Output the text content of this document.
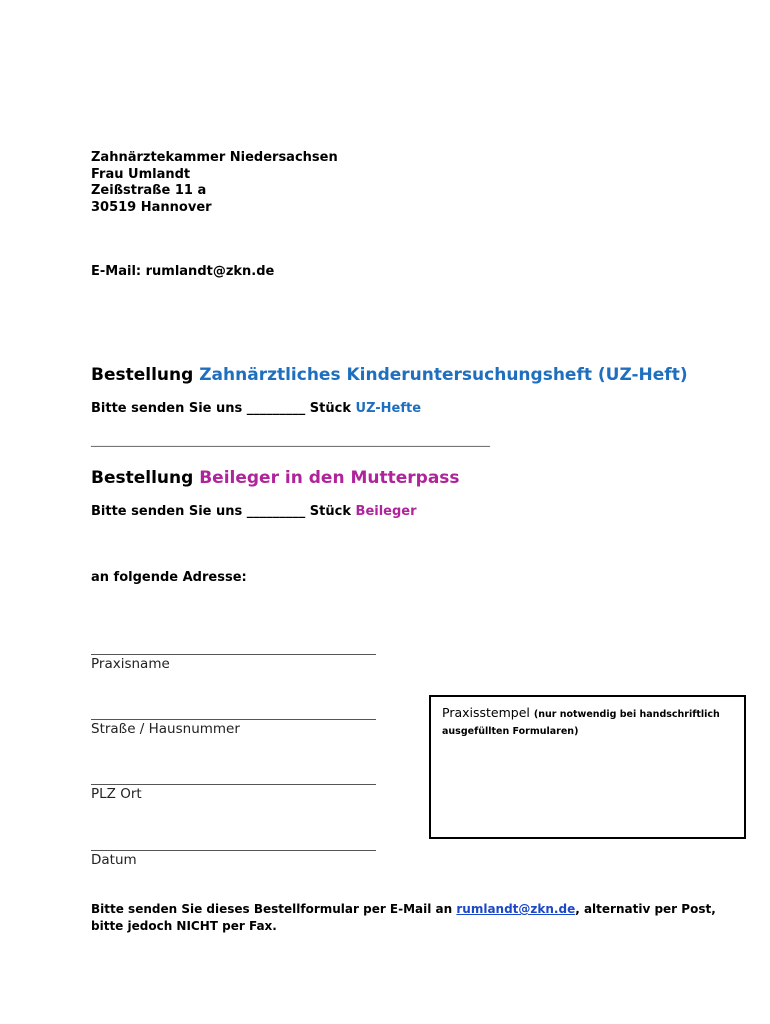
Zahnärztekammer Niedersachsen
Frau Umlandt
Zeißstraße 11 a
30519 Hannover
E-Mail: rumlandt@zkn.de
Bestellung Zahnärztliches Kinderuntersuchungsheft (UZ-Heft)
Bitte senden Sie uns _________ Stück UZ-Hefte
____________________________________________________________________________
Bestellung Beileger in den Mutterpass
Bitte senden Sie uns _________ Stück Beileger
an folgende Adresse:
Praxisname
Straße / Hausnummer
PLZ Ort
Datum
Praxisstempel (nur notwendig bei handschriftlich ausgefüllten Formularen)
Bitte senden Sie dieses Bestellformular per E-Mail an rumlandt@zkn.de, alternativ per Post,
bitte jedoch NICHT per Fax.
